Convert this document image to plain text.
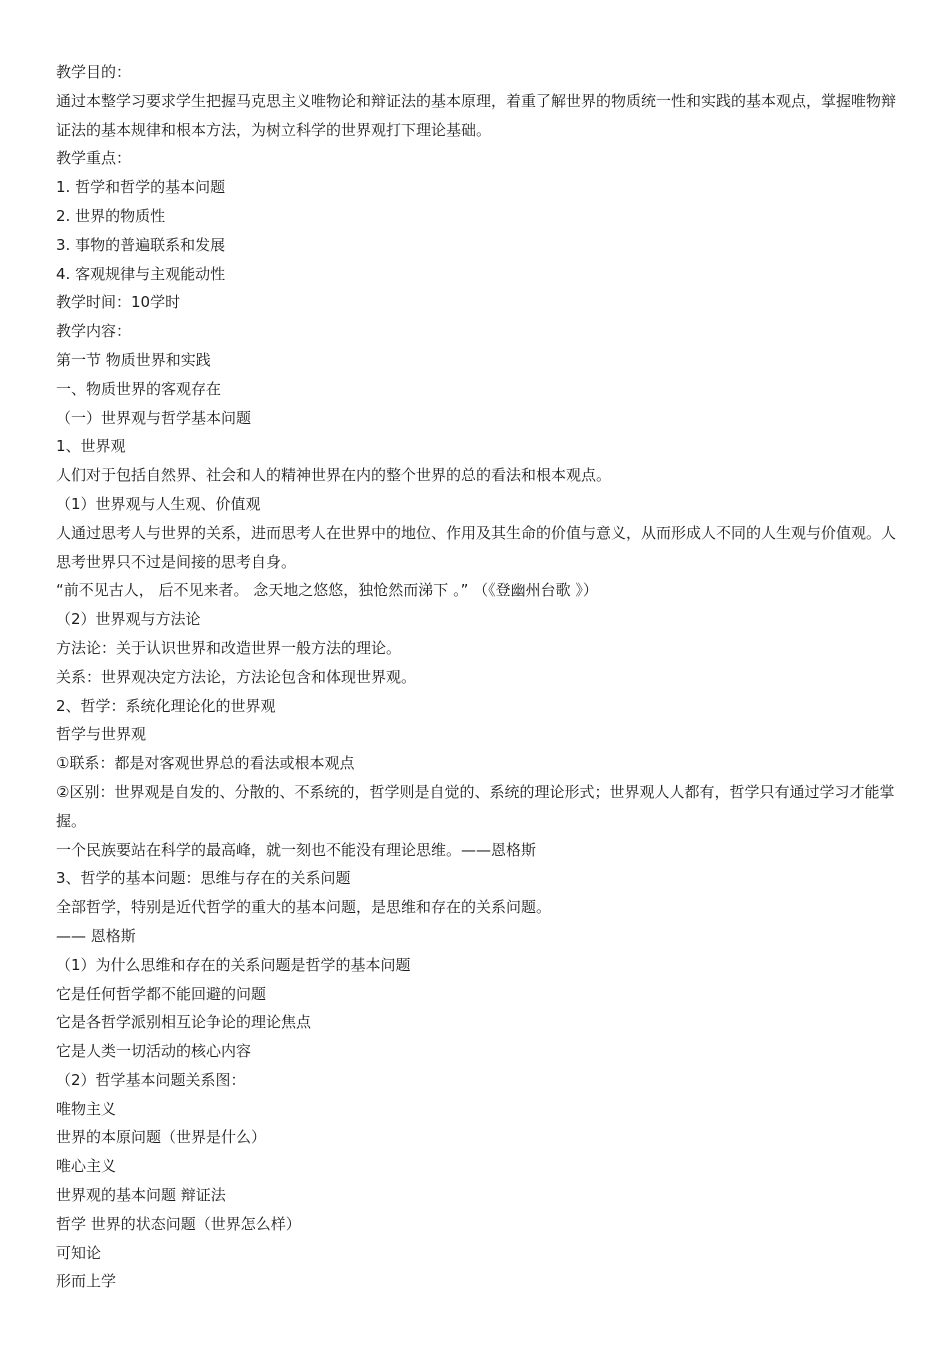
教学目的：

通过本整学习要求学生把握马克思主义唯物论和辩证法的基本原理，着重了解世界的物质统一性和实践的基本观点，掌握唯物辩证法的基本规律和根本方法，为树立科学的世界观打下理论基础。

教学重点：

1. 哲学和哲学的基本问题

2. 世界的物质性

3. 事物的普遍联系和发展

4. 客观规律与主观能动性

教学时间：10学时

教学内容：

第一节 物质世界和实践

一、物质世界的客观存在

（一）世界观与哲学基本问题

1、世界观

人们对于包括自然界、社会和人的精神世界在内的整个世界的总的看法和根本观点。

（1）世界观与人生观、价值观

人通过思考人与世界的关系，进而思考人在世界中的地位、作用及其生命的价值与意义，从而形成人不同的人生观与价值观。人思考世界只不过是间接的思考自身。

“前不见古人， 后不见来者。 念天地之悠悠，独怆然而涕下 。” （《登幽州台歌 》）

（2）世界观与方法论

方法论：关于认识世界和改造世界一般方法的理论。

关系：世界观决定方法论，方法论包含和体现世界观。

2、哲学：系统化理论化的世界观

哲学与世界观

①联系：都是对客观世界总的看法或根本观点

②区别：世界观是自发的、分散的、不系统的，哲学则是自觉的、系统的理论形式；世界观人人都有，哲学只有通过学习才能掌握。

一个民族要站在科学的最高峰，就一刻也不能没有理论思维。——恩格斯

3、哲学的基本问题：思维与存在的关系问题

全部哲学，特别是近代哲学的重大的基本问题，是思维和存在的关系问题。

—— 恩格斯

（1）为什么思维和存在的关系问题是哲学的基本问题

它是任何哲学都不能回避的问题

它是各哲学派别相互论争论的理论焦点

它是人类一切活动的核心内容

（2）哲学基本问题关系图：

唯物主义

世界的本原问题（世界是什么）

唯心主义

世界观的基本问题 辩证法

哲学 世界的状态问题（世界怎么样）

可知论

形而上学
